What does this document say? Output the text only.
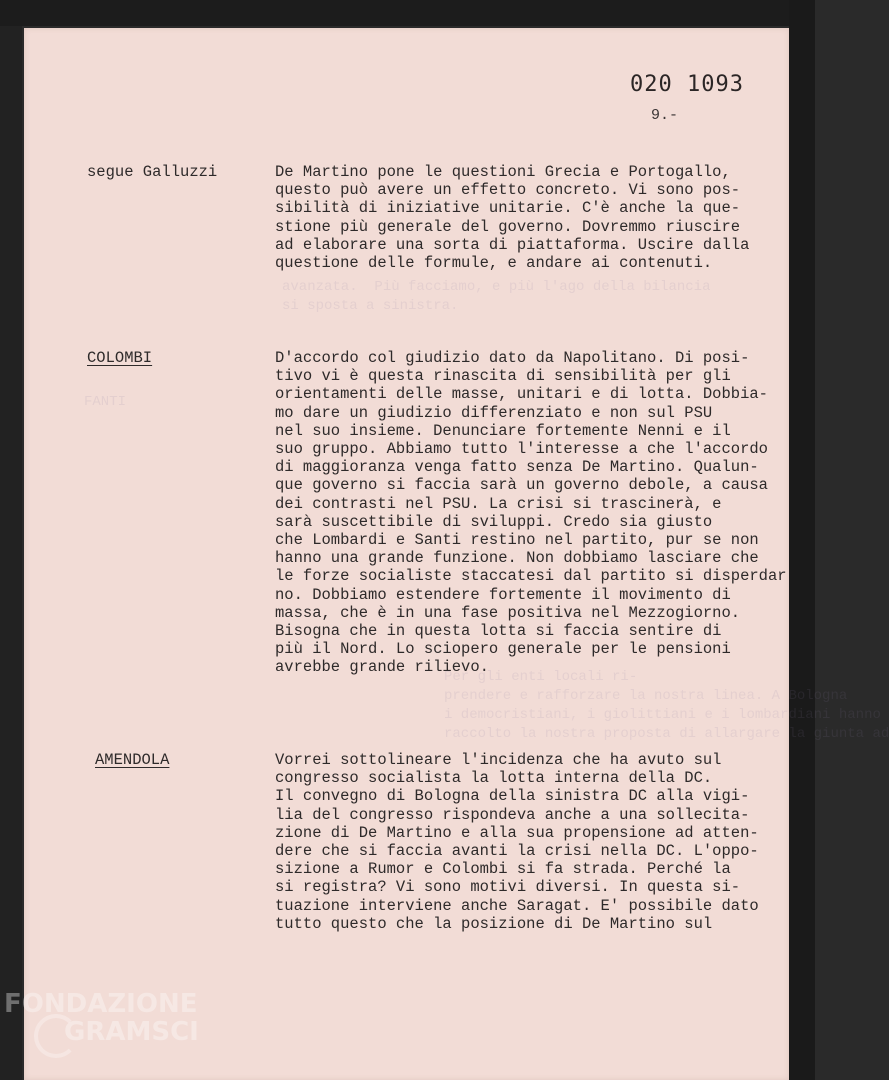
avanzata.  Più facciamo, e più l'ago della bilancia
si sposta a sinistra.
FANTI
Per gli enti locali ri-
prendere e rafforzare la nostra linea. A Bologna
i democristiani, i giolittiani e i lombardiani hanno
raccolto la nostra proposta di allargare la giunta ad
020 1093
9.-
segue Galluzzi	De Martino pone le questioni Grecia e Portogallo,
questo può avere un effetto concreto. Vi sono pos-
sibilità di iniziative unitarie. C'è anche la que-
stione più generale del governo. Dovremmo riuscire
ad elaborare una sorta di piattaforma. Uscire dalla
questione delle formule, e andare ai contenuti.
COLOMBI	D'accordo col giudizio dato da Napolitano. Di posi-
tivo vi è questa rinascita di sensibilità per gli
orientamenti delle masse, unitari e di lotta. Dobbia-
mo dare un giudizio differenziato e non sul PSU
nel suo insieme. Denunciare fortemente Nenni e il
suo gruppo. Abbiamo tutto l'interesse a che l'accordo
di maggioranza venga fatto senza De Martino. Qualun-
que governo si faccia sarà un governo debole, a causa
dei contrasti nel PSU. La crisi si trascinerà, e
sarà suscettibile di sviluppi. Credo sia giusto
che Lombardi e Santi restino nel partito, pur se non
hanno una grande funzione. Non dobbiamo lasciare che
le forze socialiste staccatesi dal partito si disperdar
no. Dobbiamo estendere fortemente il movimento di
massa, che è in una fase positiva nel Mezzogiorno.
Bisogna che in questa lotta si faccia sentire di
più il Nord. Lo sciopero generale per le pensioni
avrebbe grande rilievo.
AMENDOLA	Vorrei sottolineare l'incidenza che ha avuto sul
congresso socialista la lotta interna della DC.
Il convegno di Bologna della sinistra DC alla vigi-
lia del congresso rispondeva anche a una sollecita-
zione di De Martino e alla sua propensione ad atten-
dere che si faccia avanti la crisi nella DC. L'oppo-
sizione a Rumor e Colombi si fa strada. Perché la
si registra? Vi sono motivi diversi. In questa si-
tuazione interviene anche Saragat. E' possibile dato
tutto questo che la posizione di De Martino sul
FONDAZIONE
GRAMSCI
